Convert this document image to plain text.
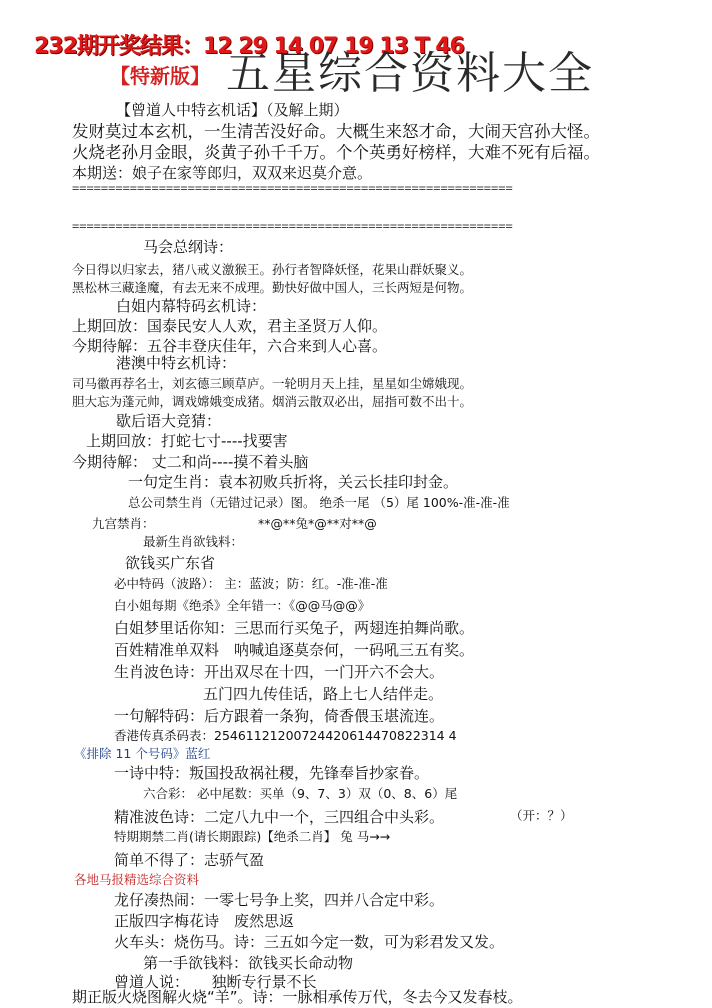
232期开奖结果：12 29 14 07 19 13 T 46
【特新版】 五星综合资料大全
【曾道人中特玄机话】（及解上期）
发财莫过本玄机，一生清苦没好命。大概生来怒才命，大闹天宫孙大怪。
火烧老孙月金眼，炎黄子孙千千万。个个英勇好榜样，大难不死有后福。
本期送：娘子在家等郎归，双双来迟莫介意。
=============================================================
=============================================================
马会总纲诗：
今日得以归家去，猪八戒义激猴王。孙行者智降妖怪，花果山群妖聚义。
黑松林三藏逢魔，有去无来不成理。勤快好做中国人，三长两短是何物。
白姐内幕特码玄机诗：
上期回放：国泰民安人人欢，君主圣贤万人仰。
今期待解：五谷丰登庆佳年，六合来到人心喜。
港澳中特玄机诗：
司马徽再荐名士，刘玄德三顾草庐。一轮明月天上挂，星星如尘嫦娥现。
胆大忘为蓬元帅，调戏嫦娥变成猪。烟消云散双必出，屈指可数不出十。
歇后语大竞猜：
上期回放：打蛇七寸----找要害
今期待解： 丈二和尚----摸不着头脑
一句定生肖：袁本初败兵折将，关云长挂印封金。
总公司禁生肖（无错过记录）图。 绝杀一尾 （5）尾 100%-准-准-准
九宫禁肖：	**@**兔*@**对**@
最新生肖欲钱料：
欲钱买广东省
必中特码（波路）： 主：蓝波；防：红。-准-准-准
白小姐每期《绝杀》全年错一：《@@马@@》
白姐梦里话你知：三思而行买兔子，两翅连拍舞尚歌。
百姓精准单双料　呐喊追逐莫奈何，一码吼三五有奖。
生肖波色诗：开出双尽在十四，一门开六不会大。
五门四九传佳话，路上七人结伴走。
一句解特码：后方跟着一条狗，倚香偎玉堪流连。
香港传真杀码表：25461121200724420614470822314 4
《排除 11 个号码》蓝红
一诗中特：叛国投敌祸社稷，先锋奉旨抄家眷。
六合彩： 必中尾数：买单（9、7、3）双（0、8、6）尾
精准波色诗：二定八九中一个，三四组合中头彩。	（开：？）
特期期禁二肖(请长期跟踪)【绝杀二肖】 兔 马→→
简单不得了：志骄气盈
各地马报精选综合资料
龙仔凑热闹：一零七号争上奖，四并八合定中彩。
正版四字梅花诗　废然思返
火车头：烧伤马。诗：三五如今定一数，可为彩君发又发。
第一手欲钱料：欲钱买长命动物
曾道人说：　　独断专行景不长
期正版火烧图解火烧“羊”。诗：一脉相承传万代，冬去今又发春枝。
